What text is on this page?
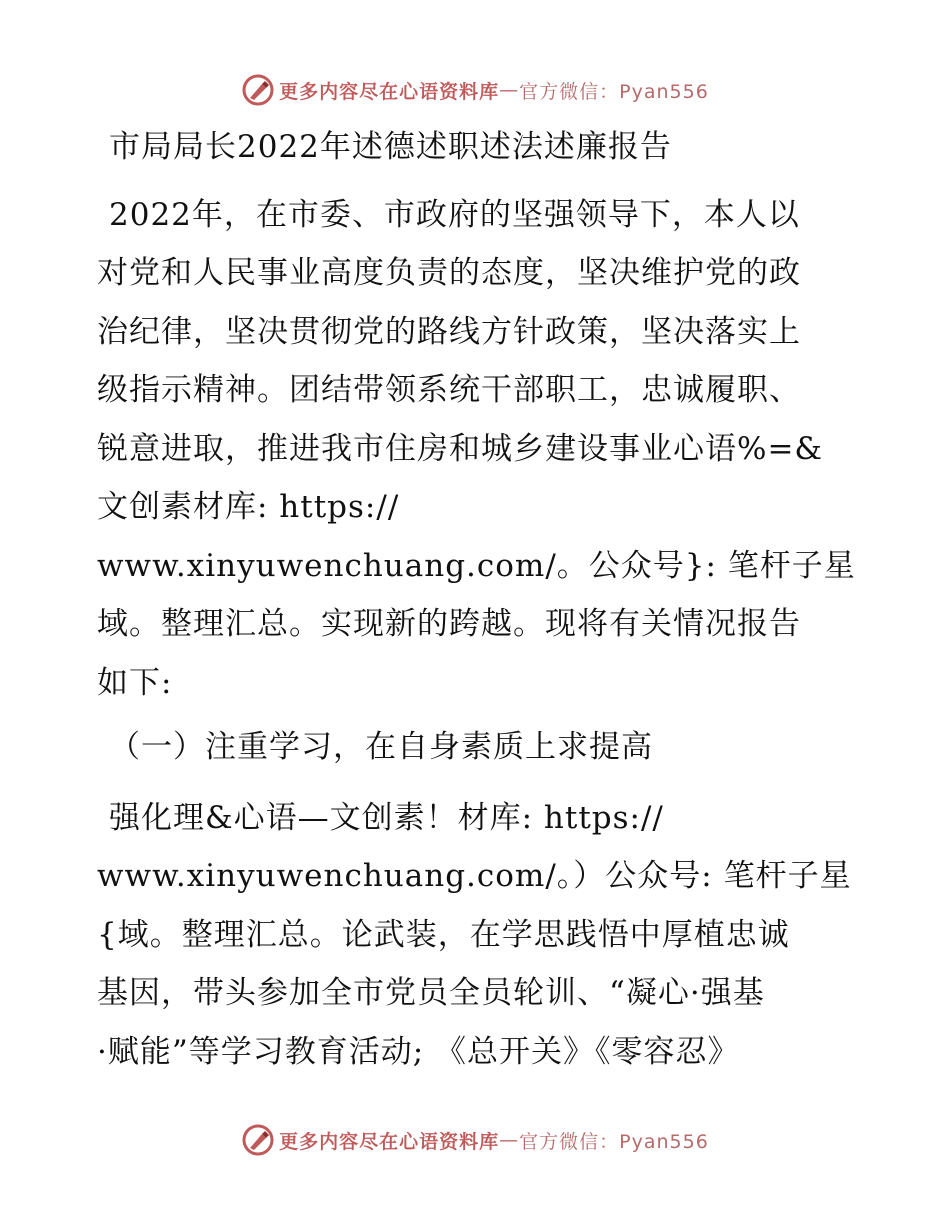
更多内容尽在心语资料库 — 官方微信：Pyan556
市局局长2022年述德述职述法述廉报告
2022年，在市委、市政府的坚强领导下，本人以
对党和人民事业高度负责的态度，坚决维护党的政
治纪律，坚决贯彻党的路线方针政策，坚决落实上
级指示精神。团结带领系统干部职工，忠诚履职、
锐意进取，推进我市住房和城乡建设事业心语%=&
文创素材库: https://
www.xinyuwenchuang.com/。公众号}: 笔杆子星
域。整理汇总。实现新的跨越。现将有关情况报告
如下:
（一）注重学习，在自身素质上求提高
强化理&心语—文创素！材库: https://
www.xinyuwenchuang.com/。）公众号: 笔杆子星
{域。整理汇总。论武装，在学思践悟中厚植忠诚
基因，带头参加全市党员全员轮训、“凝心·强基
·赋能”等学习教育活动; 《总开关》《零容忍》
更多内容尽在心语资料库 — 官方微信：Pyan556
